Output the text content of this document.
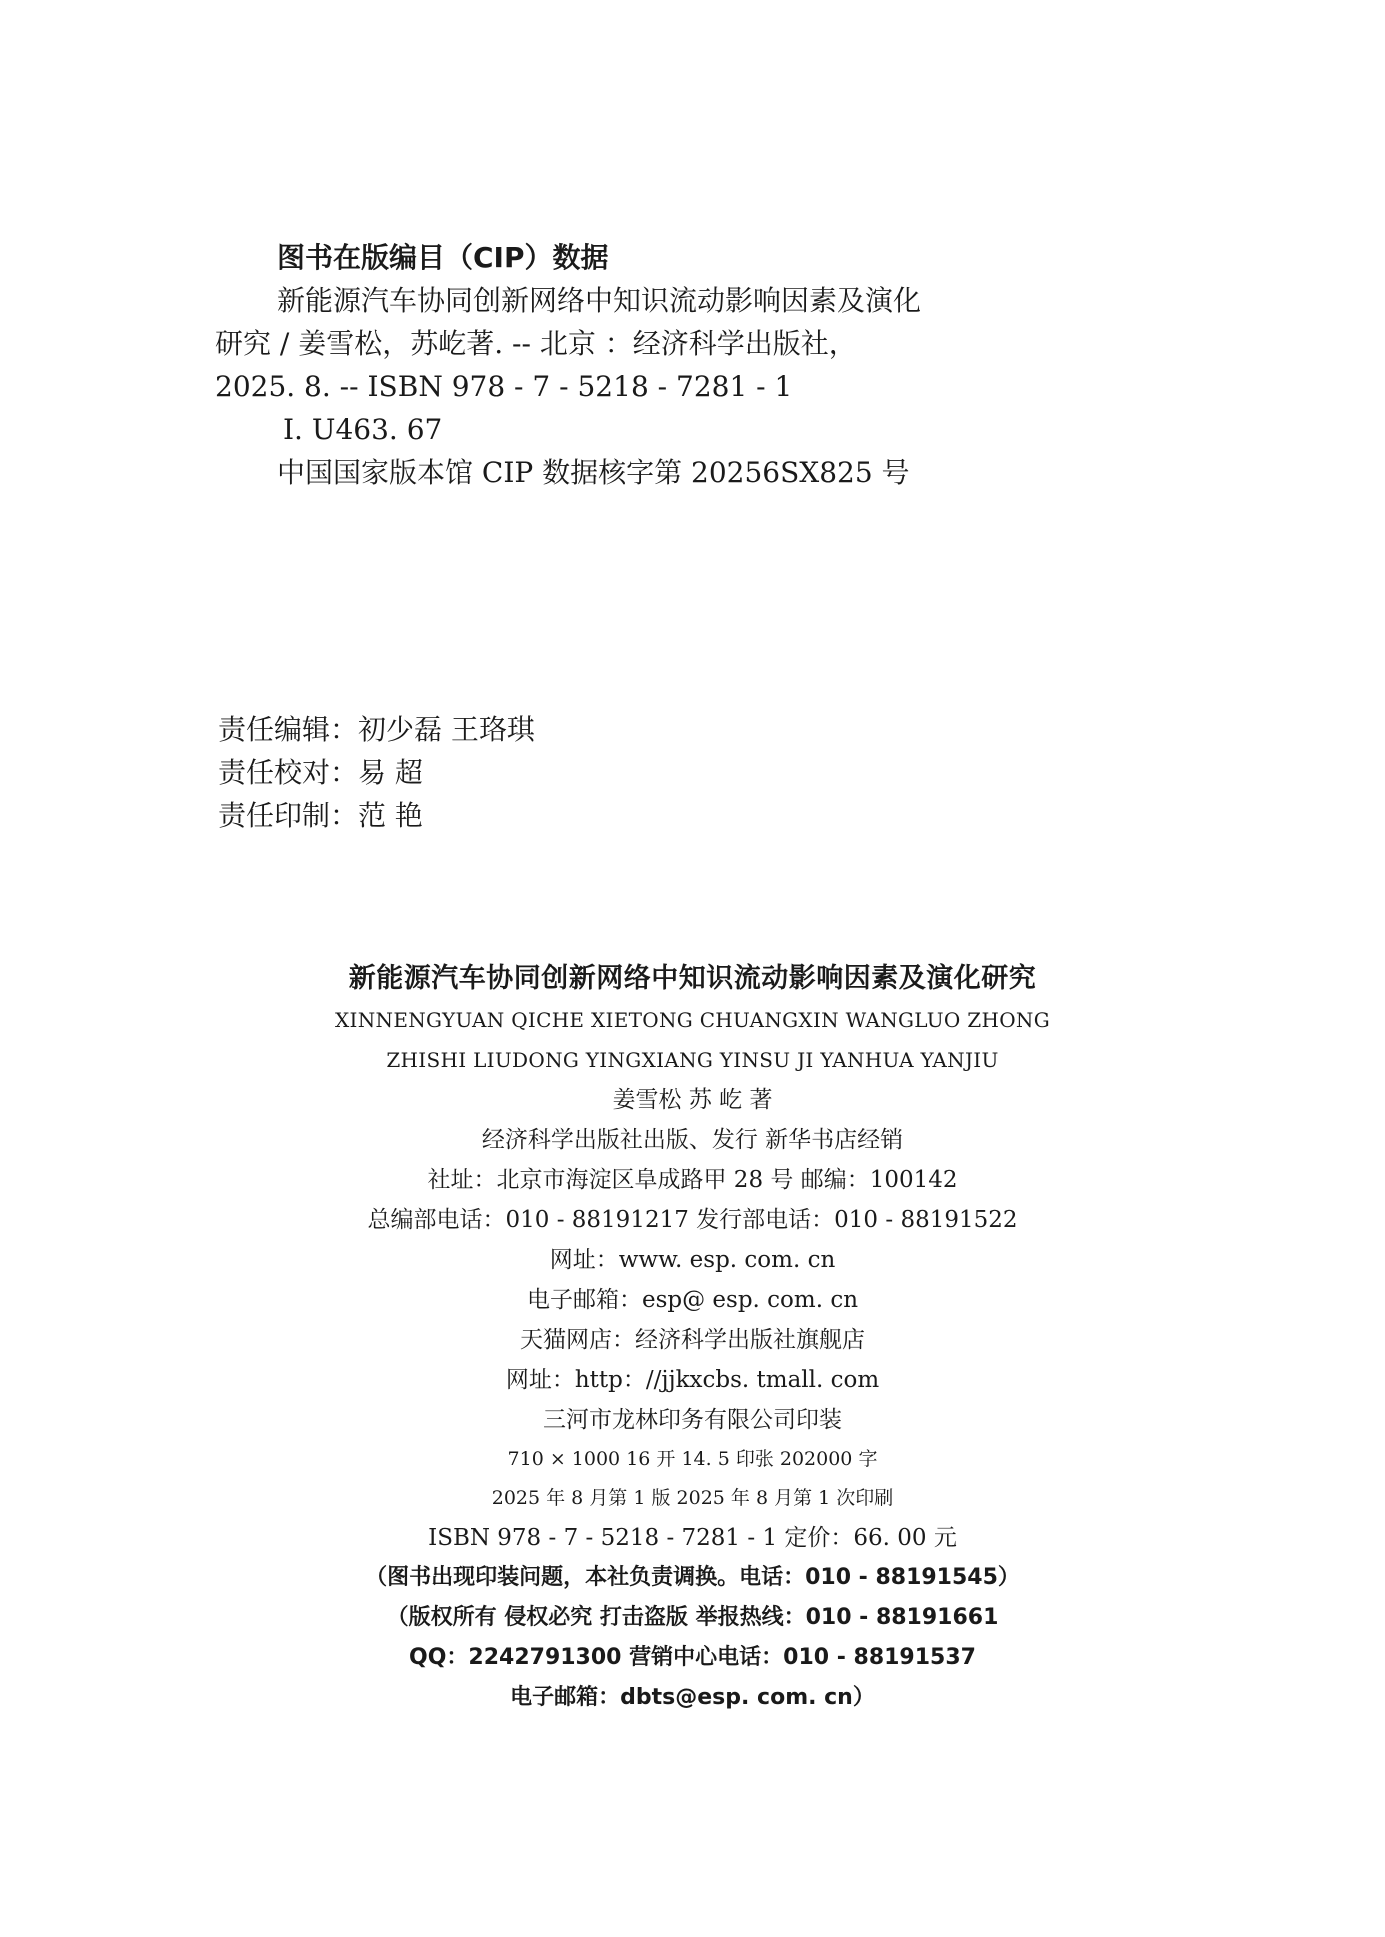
图书在版编目（CIP）数据
新能源汽车协同创新网络中知识流动影响因素及演化
研究 / 姜雪松，苏屹著. -- 北京 ：经济科学出版社，
2025. 8. -- ISBN 978 - 7 - 5218 - 7281 - 1
Ⅰ. U463. 67
中国国家版本馆 CIP 数据核字第 20256SX825 号
责任编辑：初少磊 王珞琪
责任校对：易 超
责任印制：范 艳
新能源汽车协同创新网络中知识流动影响因素及演化研究
XINNENGYUAN QICHE XIETONG CHUANGXIN WANGLUO ZHONG
ZHISHI LIUDONG YINGXIANG YINSU JI YANHUA YANJIU
姜雪松 苏 屹 著
经济科学出版社出版、发行 新华书店经销
社址：北京市海淀区阜成路甲 28 号 邮编：100142
总编部电话：010 - 88191217 发行部电话：010 - 88191522
网址：www. esp. com. cn
电子邮箱：esp@ esp. com. cn
天猫网店：经济科学出版社旗舰店
网址：http：//jjkxcbs. tmall. com
三河市龙林印务有限公司印装
710 × 1000 16 开 14. 5 印张 202000 字
2025 年 8 月第 1 版 2025 年 8 月第 1 次印刷
ISBN 978 - 7 - 5218 - 7281 - 1 定价：66. 00 元
（图书出现印装问题，本社负责调换。电话：010 - 88191545）
（版权所有 侵权必究 打击盗版 举报热线：010 - 88191661
QQ：2242791300 营销中心电话：010 - 88191537
电子邮箱：dbts@esp. com. cn）
